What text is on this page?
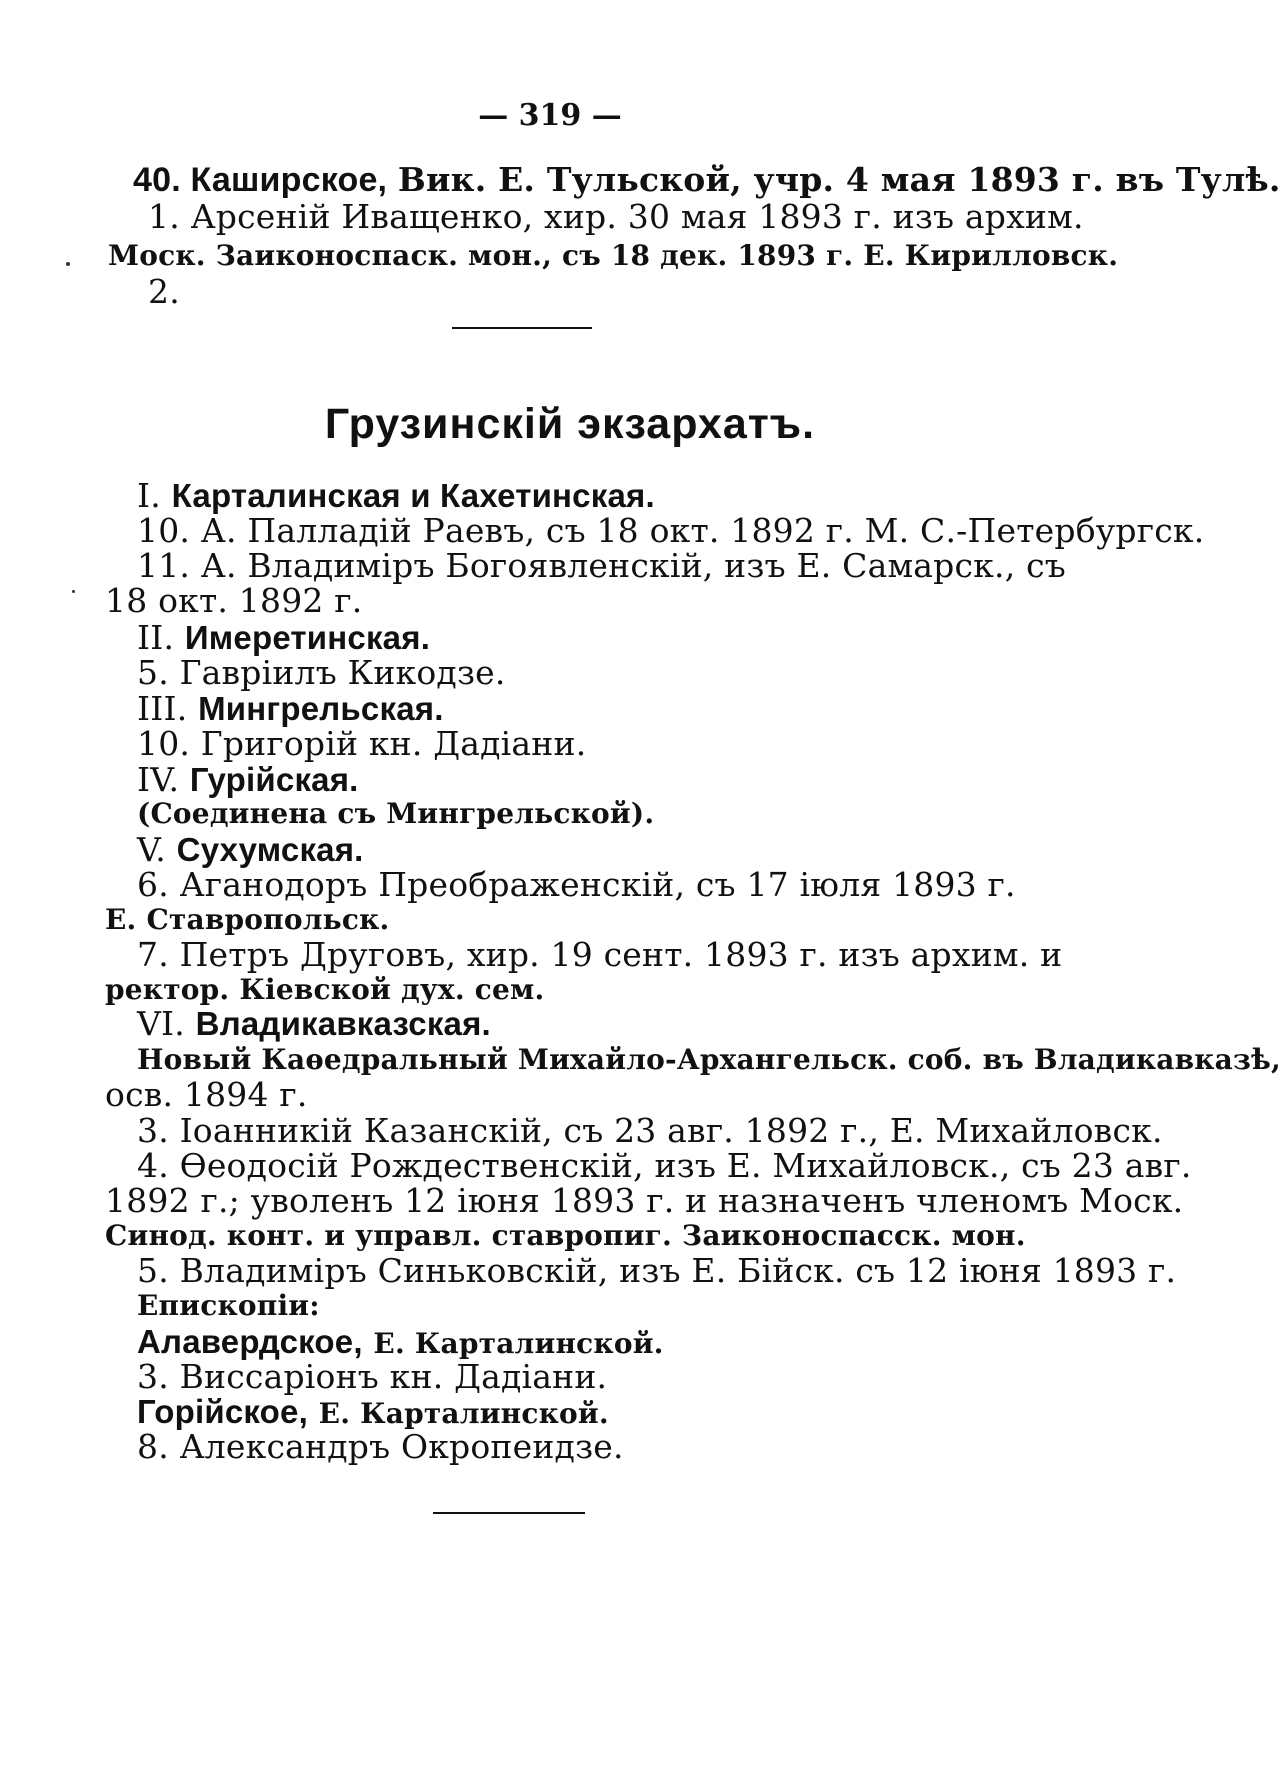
— 319 —
40. Каширское, Вик. Е. Тульской, учр. 4 мая 1893 г. въ Тулѣ.
1. Арсеній Иващенко, хир. 30 мая 1893 г. изъ архим.
Моск. Заиконоспаск. мон., съ 18 дек. 1893 г. Е. Кирилловск.
2.
Грузинскій экзархатъ.
I. Карталинская и Кахетинская.
10. А. Палладій Раевъ, съ 18 окт. 1892 г. М. С.-Петербургск.
11. А. Владиміръ Богоявленскій, изъ Е. Самарск., съ
18 окт. 1892 г.
II. Имеретинская.
5. Гавріилъ Кикодзе.
III. Мингрельская.
10. Григорій кн. Дадіани.
IV. Гурійская.
(Соединена съ Мингрельской).
V. Сухумская.
6. Аганодоръ Преображенскій, съ 17 іюля 1893 г.
Е. Ставропольск.
7. Петръ Друговъ, хир. 19 сент. 1893 г. изъ архим. и
ректор. Кіевской дух. сем.
VI. Владикавказская.
Новый Каѳедральный Михайло-Архангельск. соб. въ Владикавказѣ,
осв. 1894 г.
3. Іоанникій Казанскій, съ 23 авг. 1892 г., Е. Михайловск.
4. Ѳеодосій Рождественскій, изъ Е. Михайловск., съ 23 авг.
1892 г.; уволенъ 12 іюня 1893 г. и назначенъ членомъ Моск.
Синод. конт. и управл. ставропиг. Заиконоспасск. мон.
5. Владиміръ Синьковскій, изъ Е. Бійск. съ 12 іюня 1893 г.
Епископіи:
Алавердское, Е. Карталинской.
3. Виссаріонъ кн. Дадіани.
Горійское, Е. Карталинской.
8. Александръ Окропеидзе.
